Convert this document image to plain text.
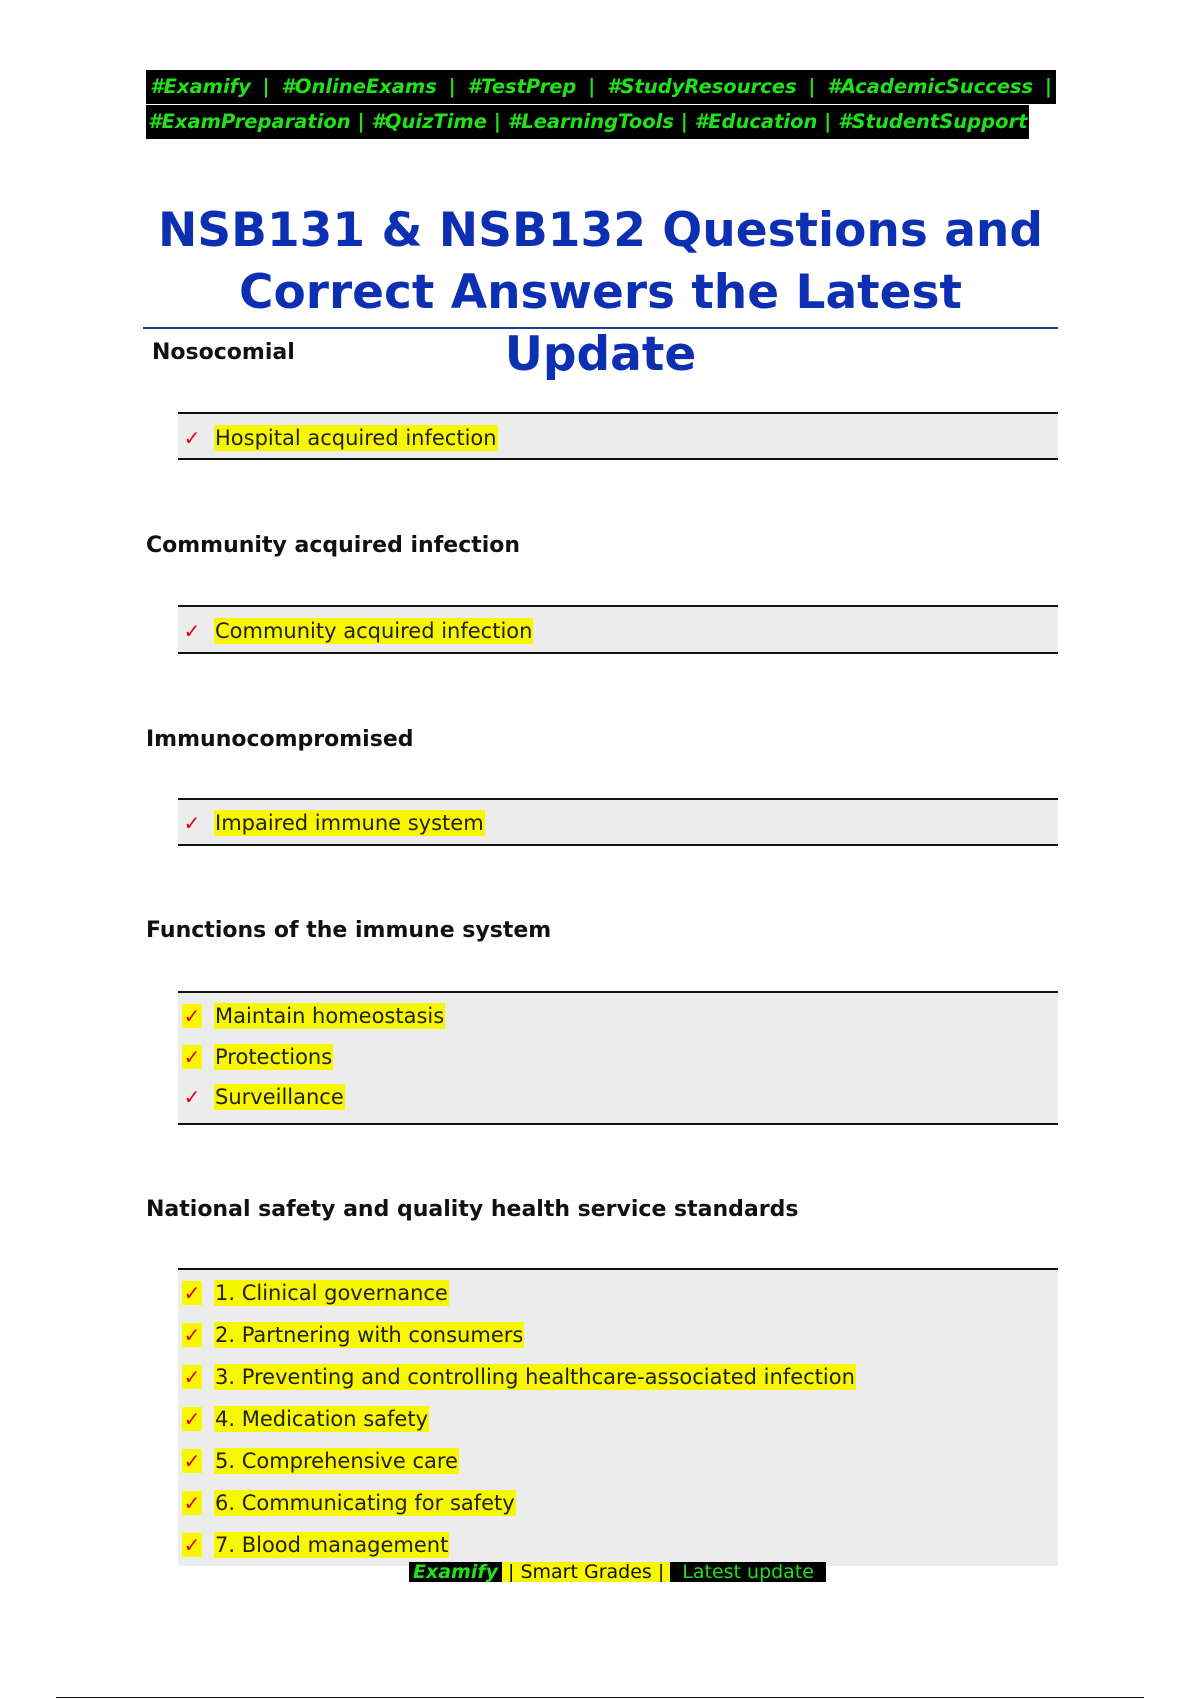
#Examify | #OnlineExams | #TestPrep | #StudyResources | #AcademicSuccess |
#ExamPreparation | #QuizTime | #LearningTools | #Education | #StudentSupport
NSB131 & NSB132 Questions and
Correct Answers the Latest Update

Nosocomial

✓ Hospital acquired infection

Community acquired infection

✓ Community acquired infection

Immunocompromised

✓ Impaired immune system

Functions of the immune system

✓ Maintain homeostasis
✓ Protections
✓ Surveillance

National safety and quality health service standards

✓ 1. Clinical governance
✓ 2. Partnering with consumers
✓ 3. Preventing and controlling healthcare-associated infection
✓ 4. Medication safety
✓ 5. Comprehensive care
✓ 6. Communicating for safety
✓ 7. Blood management
Examify | Smart Grades | Latest update
